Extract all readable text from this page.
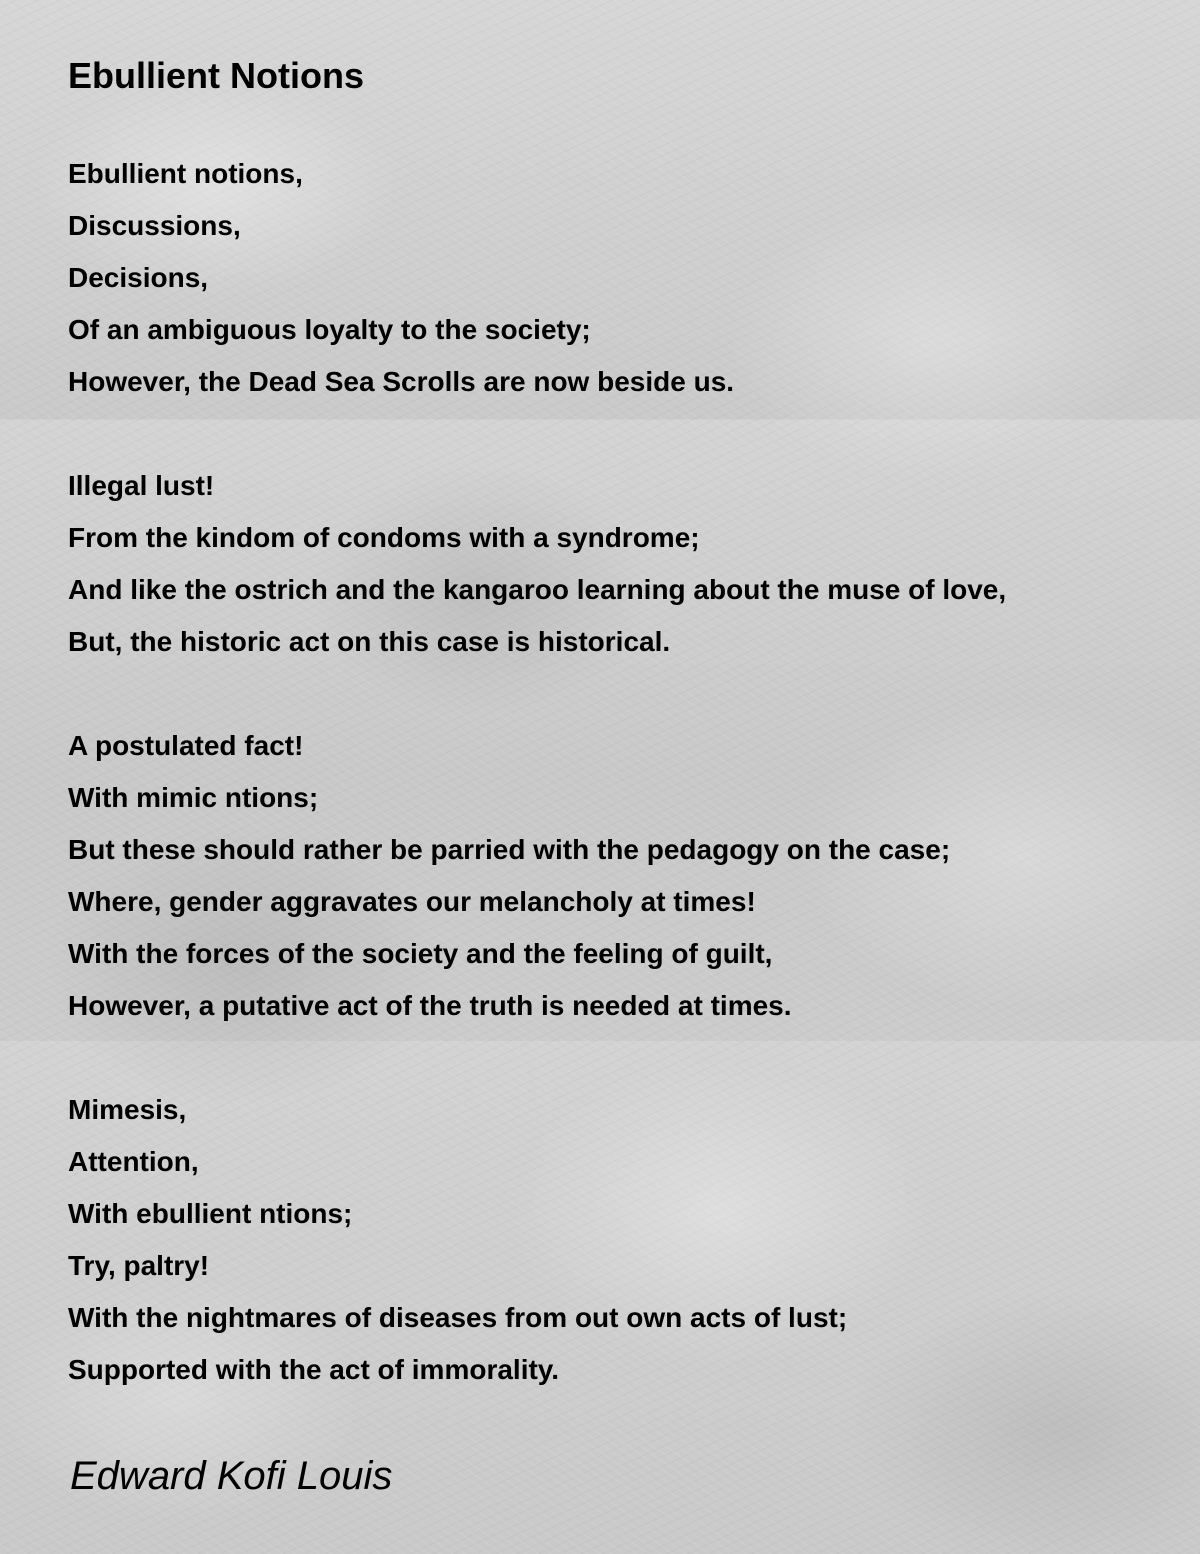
Ebullient Notions
Ebullient notions,
Discussions,
Decisions,
Of an ambiguous loyalty to the society;
However, the Dead Sea Scrolls are now beside us.
Illegal lust!
From the kindom of condoms with a syndrome;
And like the ostrich and the kangaroo learning about the muse of love,
But, the historic act on this case is historical.
A postulated fact!
With mimic ntions;
But these should rather be parried with the pedagogy on the case;
Where, gender aggravates our melancholy at times!
With the forces of the society and the feeling of guilt,
However, a putative act of the truth is needed at times.
Mimesis,
Attention,
With ebullient ntions;
Try, paltry!
With the nightmares of diseases from out own acts of lust;
Supported with the act of immorality.
Edward Kofi Louis
